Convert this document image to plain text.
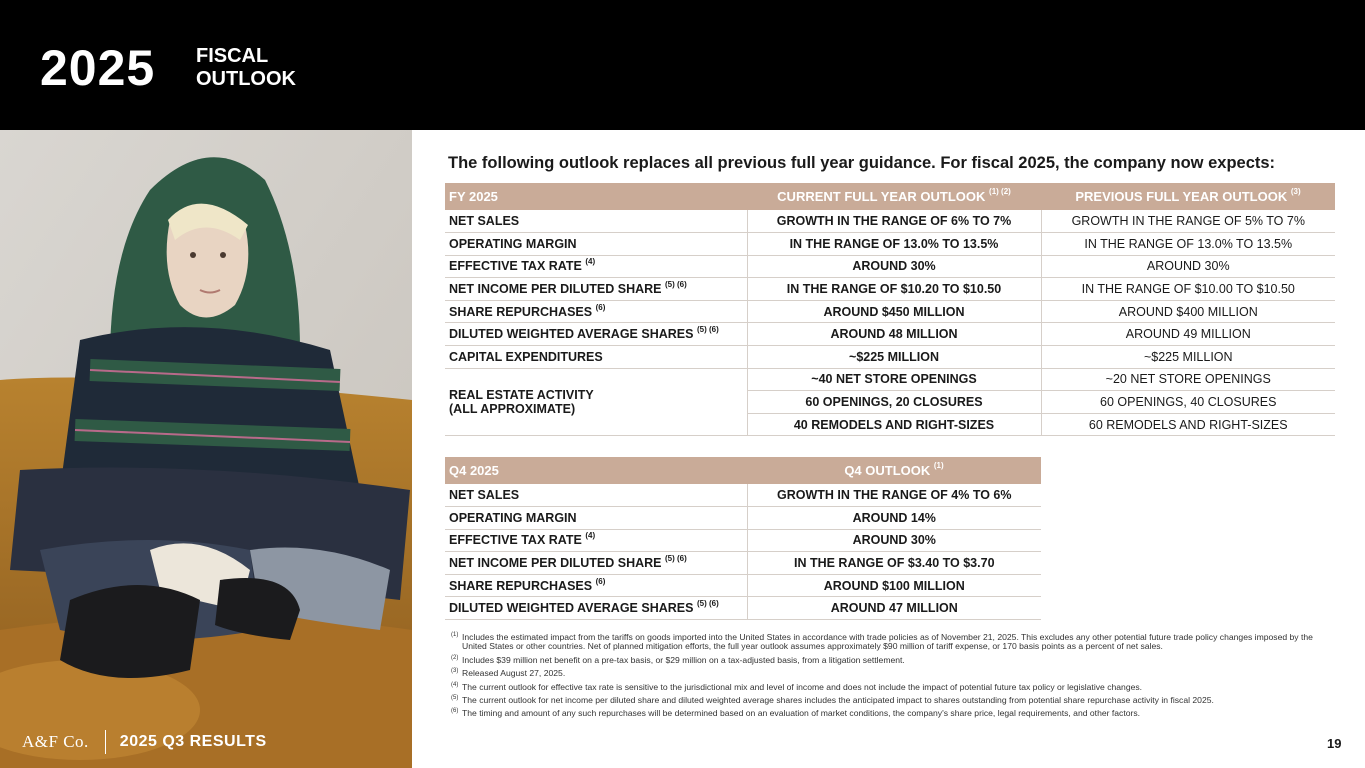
2025 FISCAL
OUTLOOK
A&F Co. 2025 Q3 RESULTS
The following outlook replaces all previous full year guidance. For fiscal 2025, the company now expects:
FY 2025	CURRENT FULL YEAR OUTLOOK $^{(1) (2)}$	PREVIOUS FULL YEAR OUTLOOK $^{(3)}$
NET SALES	GROWTH IN THE RANGE OF 6% TO 7%	GROWTH IN THE RANGE OF 5% TO 7%
OPERATING MARGIN	IN THE RANGE OF 13.0% TO 13.5%	IN THE RANGE OF 13.0% TO 13.5%
EFFECTIVE TAX RATE $^{(4)}$	AROUND 30%	AROUND 30%
NET INCOME PER DILUTED SHARE $^{(5) (6)}$	IN THE RANGE OF $10.20 TO $10.50	IN THE RANGE OF $10.00 TO $10.50
SHARE REPURCHASES $^{(6)}$	AROUND $450 MILLION	AROUND $400 MILLION
DILUTED WEIGHTED AVERAGE SHARES $^{(5) (6)}$	AROUND 48 MILLION	AROUND 49 MILLION
CAPITAL EXPENDITURES	~$225 MILLION	~$225 MILLION

REAL ESTATE ACTIVITY
(ALL APPROXIMATE)	~40 NET STORE OPENINGS	~20 NET STORE OPENINGS
	60 OPENINGS, 20 CLOSURES	60 OPENINGS, 40 CLOSURES
	40 REMODELS AND RIGHT-SIZES	60 REMODELS AND RIGHT-SIZES
Q4 2025	Q4 OUTLOOK $^{(1)}$
NET SALES	GROWTH IN THE RANGE OF 4% TO 6%
OPERATING MARGIN	AROUND 14%
EFFECTIVE TAX RATE $^{(4)}$	AROUND 30%
NET INCOME PER DILUTED SHARE $^{(5) (6)}$	IN THE RANGE OF $3.40 TO $3.70
SHARE REPURCHASES $^{(6)}$	AROUND $100 MILLION
DILUTED WEIGHTED AVERAGE SHARES $^{(5) (6)}$	AROUND 47 MILLION
(1) Includes the estimated impact from the tariffs on goods imported into the United States in accordance with trade policies as of November 21, 2025. This excludes any other potential future trade policy changes imposed by the United States or other countries. Net of planned mitigation efforts, the full year outlook assumes approximately $90 million of tariff expense, or 170 basis points as a percent of net sales.
(2) Includes $39 million net benefit on a pre-tax basis, or $29 million on a tax-adjusted basis, from a litigation settlement.
(3) Released August 27, 2025.
(4) The current outlook for effective tax rate is sensitive to the jurisdictional mix and level of income and does not include the impact of potential future tax policy or legislative changes.
(5) The current outlook for net income per diluted share and diluted weighted average shares includes the anticipated impact to shares outstanding from potential share repurchase activity in fiscal 2025.
(6) The timing and amount of any such repurchases will be determined based on an evaluation of market conditions, the company's share price, legal requirements, and other factors.
19
